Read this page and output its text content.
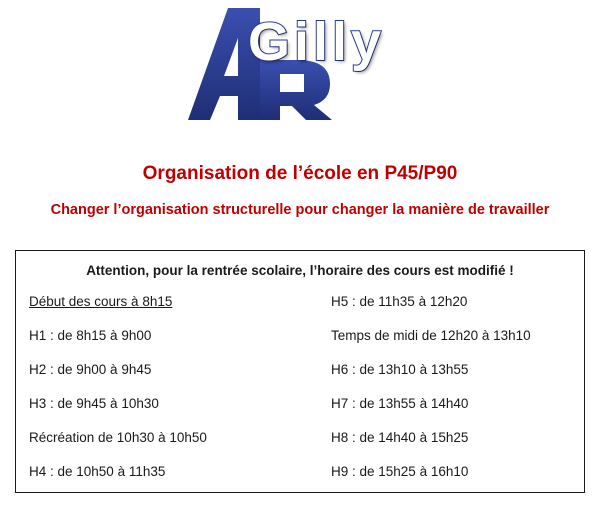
Gilly
Organisation de l’école en P45/P90
Changer l’organisation structurelle pour changer la manière de travailler
Attention, pour la rentrée scolaire, l’horaire des cours est modifié !
Début des cours à 8h15
H1 : de 8h15 à 9h00
H2 : de 9h00 à 9h45
H3 : de 9h45 à 10h30
Récréation de 10h30 à 10h50
H4 : de 10h50 à 11h35
H5 : de 11h35 à 12h20
Temps de midi de 12h20 à 13h10
H6 : de 13h10 à 13h55
H7 : de 13h55 à 14h40
H8 : de 14h40 à 15h25
H9 : de 15h25 à 16h10
